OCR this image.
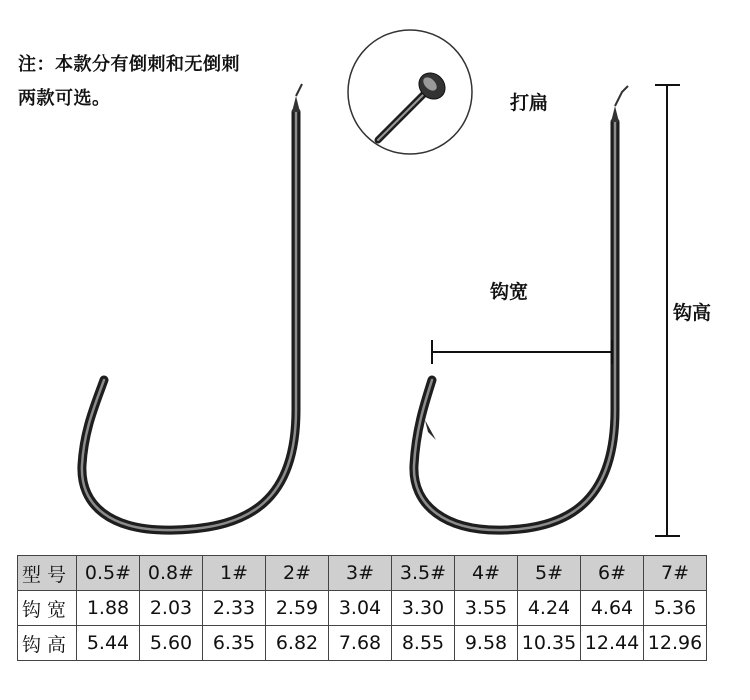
注：本款分有倒刺和无倒刺
两款可选。	打扁
钩宽
钩高
型号	0.5#	0.8#	1#	2#	3#	3.5#	4#	5#	6#	7#
钩宽	1.88	2.03	2.33	2.59	3.04	3.30	3.55	4.24	4.64	5.36
钩高	5.44	5.60	6.35	6.82	7.68	8.55	9.58	10.35	12.44	12.96
